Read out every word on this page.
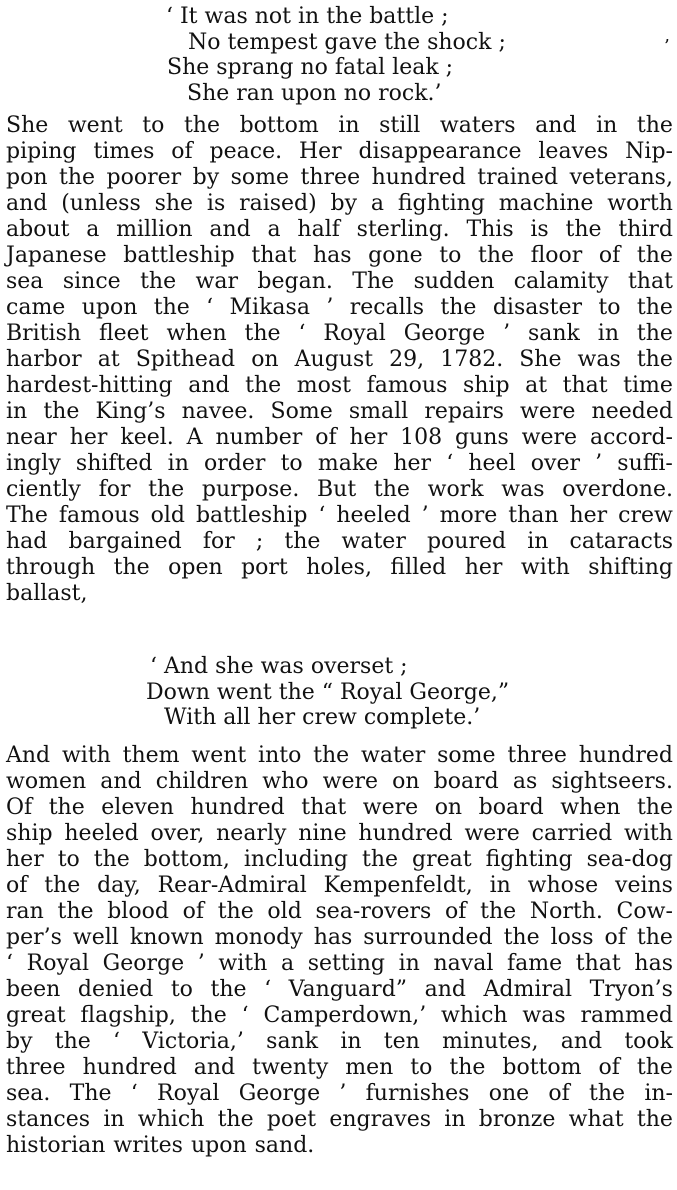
‘ It was not in the battle ;
No tempest gave the shock ;
She sprang no fatal leak ;
She ran upon no rock.’
’
She went to the bottom in still waters and in the
piping times of peace. Her disappearance leaves Nip-
pon the poorer by some three hundred trained veterans,
and (unless she is raised) by a fighting machine worth
about a million and a half sterling. This is the third
Japanese battleship that has gone to the floor of the
sea since the war began. The sudden calamity that
came upon the ‘ Mikasa ’ recalls the disaster to the
British fleet when the ‘ Royal George ’ sank in the
harbor at Spithead on August 29, 1782. She was the
hardest-hitting and the most famous ship at that time
in the King’s navee. Some small repairs were needed
near her keel. A number of her 108 guns were accord-
ingly shifted in order to make her ‘ heel over ’ suffi-
ciently for the purpose. But the work was overdone.
The famous old battleship ‘ heeled ’ more than her crew
had bargained for ; the water poured in cataracts
through the open port holes, filled her with shifting
ballast,
‘ And she was overset ;
Down went the “ Royal George,”
With all her crew complete.’
And with them went into the water some three hundred
women and children who were on board as sightseers.
Of the eleven hundred that were on board when the
ship heeled over, nearly nine hundred were carried with
her to the bottom, including the great fighting sea-dog
of the day, Rear-Admiral Kempenfeldt, in whose veins
ran the blood of the old sea-rovers of the North. Cow-
per’s well known monody has surrounded the loss of the
‘ Royal George ’ with a setting in naval fame that has
been denied to the ‘ Vanguard” and Admiral Tryon’s
great flagship, the ‘ Camperdown,’ which was rammed
by the ‘ Victoria,’ sank in ten minutes, and took
three hundred and twenty men to the bottom of the
sea. The ‘ Royal George ’ furnishes one of the in-
stances in which the poet engraves in bronze what the
historian writes upon sand.
